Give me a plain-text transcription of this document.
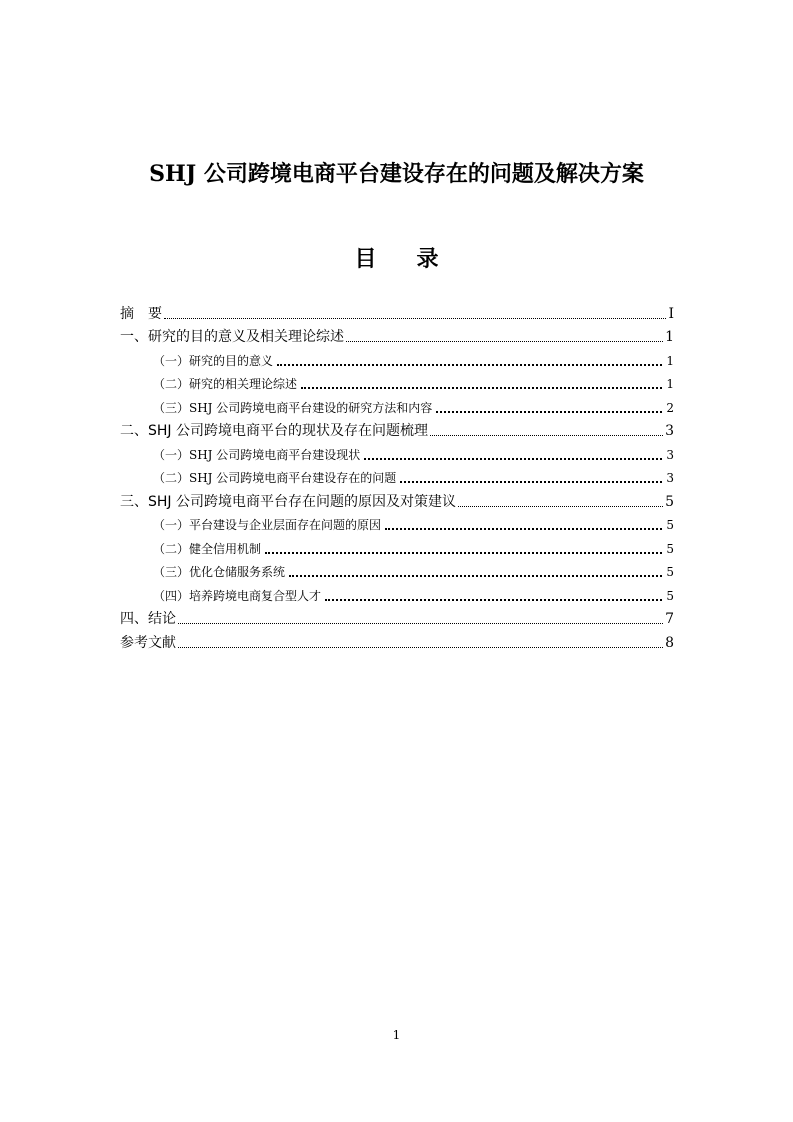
SHJ 公司跨境电商平台建设存在的问题及解决方案
目 录
摘　要	I
一、研究的目的意义及相关理论综述	1
（一）研究的目的意义	1
（二）研究的相关理论综述	1
（三）SHJ 公司跨境电商平台建设的研究方法和内容	2
二、SHJ 公司跨境电商平台的现状及存在问题梳理	3
（一）SHJ 公司跨境电商平台建设现状	3
（二）SHJ 公司跨境电商平台建设存在的问题	3
三、SHJ 公司跨境电商平台存在问题的原因及对策建议	5
（一）平台建设与企业层面存在问题的原因	5
（二）健全信用机制	5
（三）优化仓储服务系统	5
（四）培养跨境电商复合型人才	5
四、结论	7
参考文献	8
1
